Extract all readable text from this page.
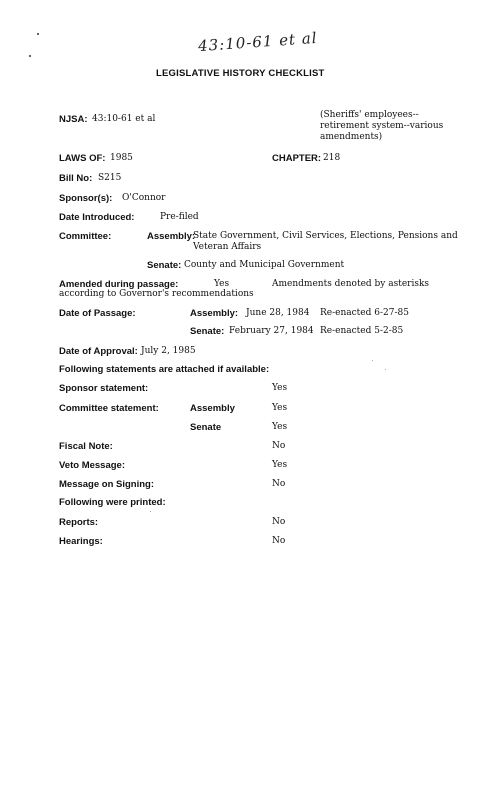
43:10-61 et al
LEGISLATIVE HISTORY CHECKLIST
NJSA: 43:10-61 et al	(Sheriffs' employees--
retirement system--various
amendments)
LAWS OF: 1985	CHAPTER: 218
Bill No: S215
Sponsor(s): O'Connor
Date Introduced:	Pre-filed
Committee:	Assembly:
State Government, Civil Services, Elections, Pensions and
Veteran Affairs
Senate: County and Municipal Government
Amended during passage:	Yes	Amendments denoted by asterisks
according to Governor's recommendations
Date of Passage:	Assembly: June 28, 1984 Re-enacted 6-27-85
Senate: February 27, 1984 Re-enacted 5-2-85
Date of Approval: July 2, 1985
Following statements are attached if available:
Sponsor statement:	Yes
Committee statement:	Assembly	Yes
Senate	Yes
Fiscal Note:	No
Veto Message:	Yes
Message on Signing:	No
Following were printed:
Reports:	No
Hearings:	No
